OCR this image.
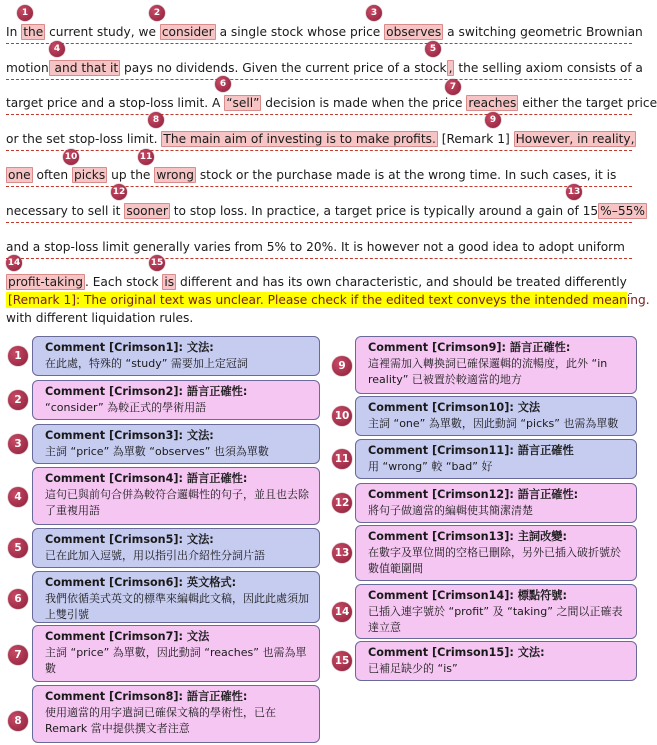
In the current study, we consider a single stock whose price observes a switching geometric Brownian
motion and that it pays no dividends. Given the current price of a stock , the selling axiom consists of a
target price and a stop-loss limit. A “sell” decision is made when the price reaches either the target price
or the set stop-loss limit. The main aim of investing is to make profits. [Remark 1] However, in reality,
one often picks up the wrong stock or the purchase made is at the wrong time. In such cases, it is
necessary to sell it sooner to stop loss. In practice, a target price is typically around a gain of 15 %–55%
and a stop-loss limit generally varies from 5% to 20%. It is however not a good idea to adopt uniform
profit-taking . Each stock is different and has its own characteristic, and should be treated differently
[Remark 1]: The original text was unclear. Please check if the edited text conveys the intended meaning.
with different liquidation rules.
1	2	3
4	5
6	7
8	9
10	11
12	13
14	15
Comment [Crimson1]: 文法:
在此處，特殊的 “study” 需要加上定冠詞
1
Comment [Crimson2]: 語言正確性:
“consider” 為較正式的學術用語
2
Comment [Crimson3]: 文法:
主詞 “price” 為單數 “observes” 也須為單數
3
Comment [Crimson4]: 語言正確性:
這句已與前句合併為較符合邏輯性的句子，並且也去除了重複用語
4
Comment [Crimson5]: 文法:
已在此加入逗號，用以指引出介紹性分詞片語
5
Comment [Crimson6]: 英文格式:
我們依循美式英文的標準來編輯此文稿，因此此處須加上雙引號
6
Comment [Crimson7]: 文法
主詞 “price” 為單數，因此動詞 “reaches” 也需為單數
7
Comment [Crimson8]: 語言正確性:
使用適當的用字遣詞已確保文稿的學術性，已在 Remark 當中提供撰文者注意
8
Comment [Crimson9]: 語言正確性:
這裡需加入轉換詞已確保邏輯的流暢度，此外 “in reality” 已被置於較適當的地方
9
Comment [Crimson10]: 文法
主詞 “one” 為單數，因此動詞 “picks” 也需為單數
10
Comment [Crimson11]: 語言正確性
用 “wrong” 較 “bad” 好
11
Comment [Crimson12]: 語言正確性:
將句子做適當的編輯使其簡潔清楚
12
Comment [Crimson13]: 主詞改變:
在數字及單位間的空格已刪除，另外已插入破折號於數值範圍間
13
Comment [Crimson14]: 標點符號:
已插入連字號於 “profit” 及 “taking” 之間以正確表達立意
14
Comment [Crimson15]: 文法:
已補足缺少的 “is”
15
